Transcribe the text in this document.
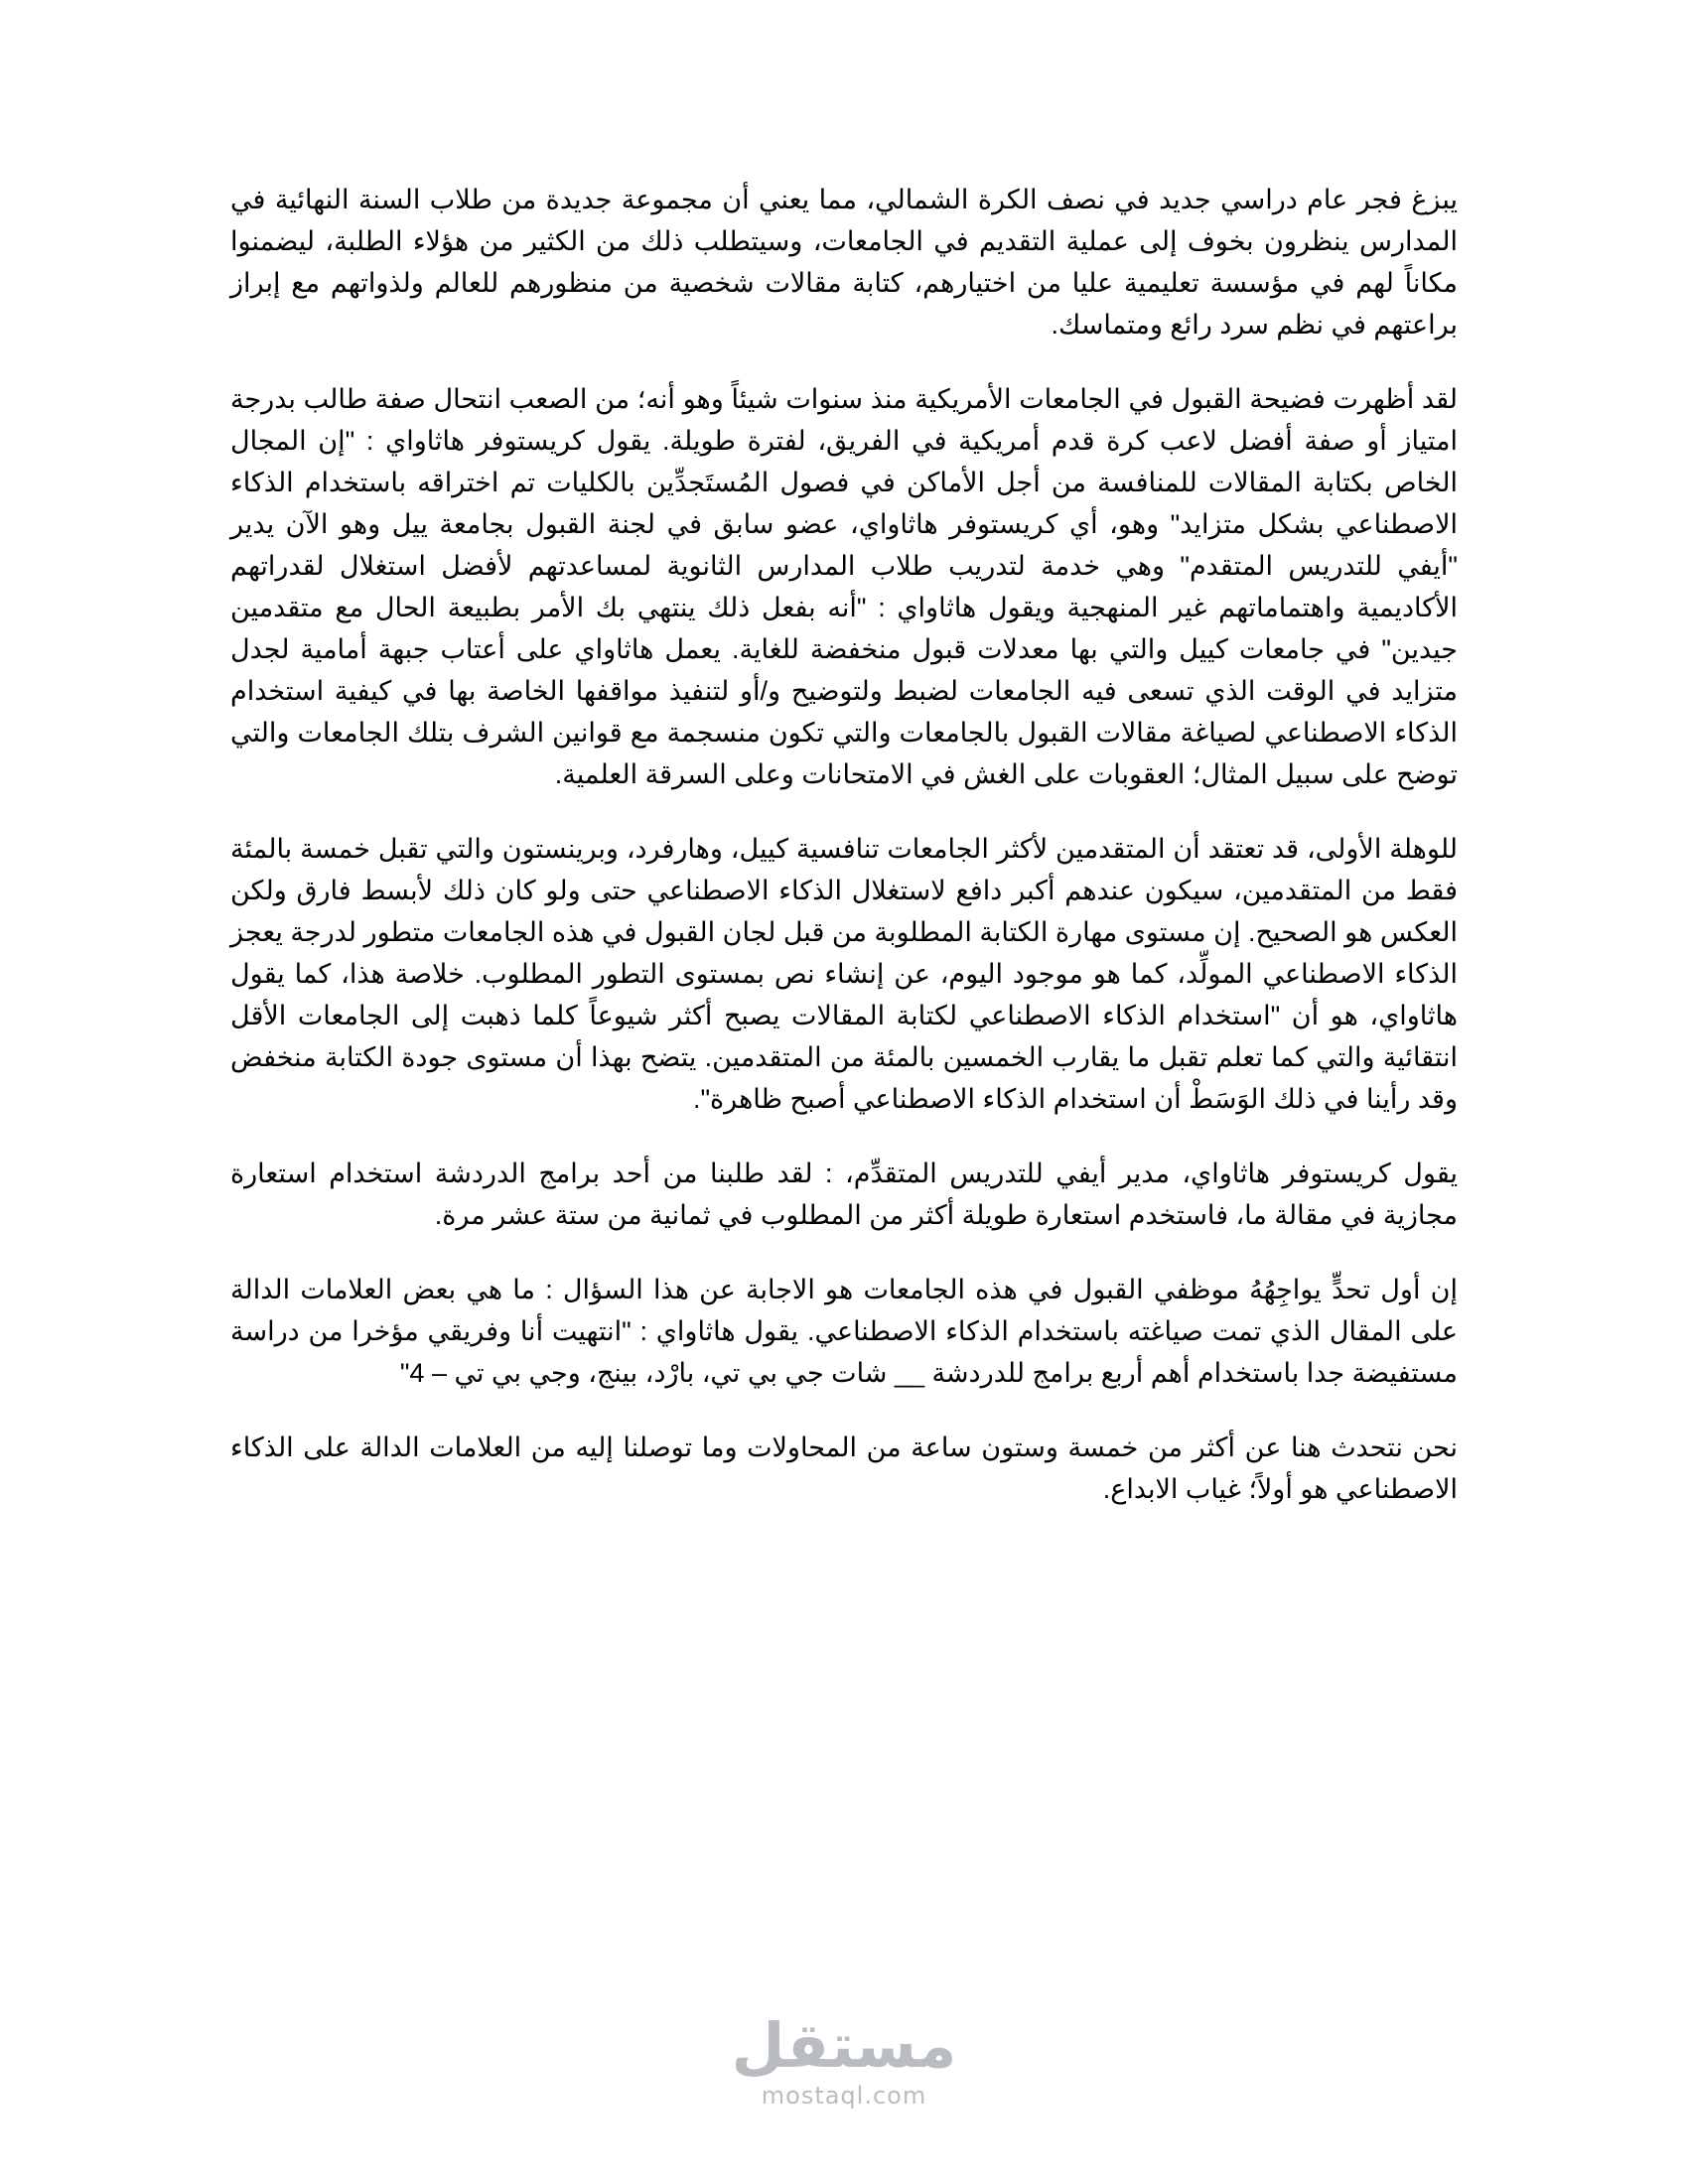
يبزغ فجر عام دراسي جديد في نصف الكرة الشمالي، مما يعني أن مجموعة جديدة من طلاب السنة النهائية في المدارس ينظرون بخوف إلى عملية التقديم في الجامعات، وسيتطلب ذلك من الكثير من هؤلاء الطلبة، ليضمنوا مكاناً لهم في مؤسسة تعليمية عليا من اختيارهم، كتابة مقالات شخصية من منظورهم للعالم ولذواتهم مع إبراز براعتهم في نظم سرد رائع ومتماسك.

لقد أظهرت فضيحة القبول في الجامعات الأمريكية منذ سنوات شيئاً وهو أنه؛ من الصعب انتحال صفة طالب بدرجة امتياز أو صفة أفضل لاعب كرة قدم أمريكية في الفريق، لفترة طويلة. يقول كريستوفر هاثاواي : "إن المجال الخاص بكتابة المقالات للمنافسة من أجل الأماكن في فصول المُستَجدِّين بالكليات تم اختراقه باستخدام الذكاء الاصطناعي بشكل متزايد" وهو، أي كريستوفر هاثاواي، عضو سابق في لجنة القبول بجامعة ييل وهو الآن يدير "أيفي للتدريس المتقدم" وهي خدمة لتدريب طلاب المدارس الثانوية لمساعدتهم لأفضل استغلال لقدراتهم الأكاديمية واهتماماتهم غير المنهجية ويقول هاثاواي : "أنه بفعل ذلك ينتهي بك الأمر بطبيعة الحال مع متقدمين جيدين" في جامعات كييل والتي بها معدلات قبول منخفضة للغاية. يعمل هاثاواي على أعتاب جبهة أمامية لجدل متزايد في الوقت الذي تسعى فيه الجامعات لضبط ولتوضيح و/أو لتنفيذ مواقفها الخاصة بها في كيفية استخدام الذكاء الاصطناعي لصياغة مقالات القبول بالجامعات والتي تكون منسجمة مع قوانين الشرف بتلك الجامعات والتي توضح على سبيل المثال؛ العقوبات على الغش في الامتحانات وعلى السرقة العلمية.

للوهلة الأولى، قد تعتقد أن المتقدمين لأكثر الجامعات تنافسية كييل، وهارفرد، وبرينستون والتي تقبل خمسة بالمئة فقط من المتقدمين، سيكون عندهم أكبر دافع لاستغلال الذكاء الاصطناعي حتى ولو كان ذلك لأبسط فارق ولكن العكس هو الصحيح. إن مستوى مهارة الكتابة المطلوبة من قبل لجان القبول في هذه الجامعات متطور لدرجة يعجز الذكاء الاصطناعي المولِّد، كما هو موجود اليوم، عن إنشاء نص بمستوى التطور المطلوب. خلاصة هذا، كما يقول هاثاواي، هو أن "استخدام الذكاء الاصطناعي لكتابة المقالات يصبح أكثر شيوعاً كلما ذهبت إلى الجامعات الأقل انتقائية والتي كما تعلم تقبل ما يقارب الخمسين بالمئة من المتقدمين. يتضح بهذا أن مستوى جودة الكتابة منخفض وقد رأينا في ذلك الوَسَطْ أن استخدام الذكاء الاصطناعي أصبح ظاهرة".

يقول كريستوفر هاثاواي، مدير أيفي للتدريس المتقدِّم، : لقد طلبنا من أحد برامج الدردشة استخدام استعارة مجازية في مقالة ما، فاستخدم استعارة طويلة أكثر من المطلوب في ثمانية من ستة عشر مرة.

إن أول تحدٍّ يواجِهُهُ موظفي القبول في هذه الجامعات هو الاجابة عن هذا السؤال : ما هي بعض العلامات الدالة على المقال الذي تمت صياغته باستخدام الذكاء الاصطناعي. يقول هاثاواي : "انتهيت أنا وفريقي مؤخرا من دراسة مستفيضة جدا باستخدام أهم أربع برامج للدردشة __ شات جي بي تي، بارْد، بينج، وجي بي تي – 4"

نحن نتحدث هنا عن أكثر من خمسة وستون ساعة من المحاولات وما توصلنا إليه من العلامات الدالة على الذكاء الاصطناعي هو أولاً؛ غياب الابداع.

مستقل
mostaql.com
